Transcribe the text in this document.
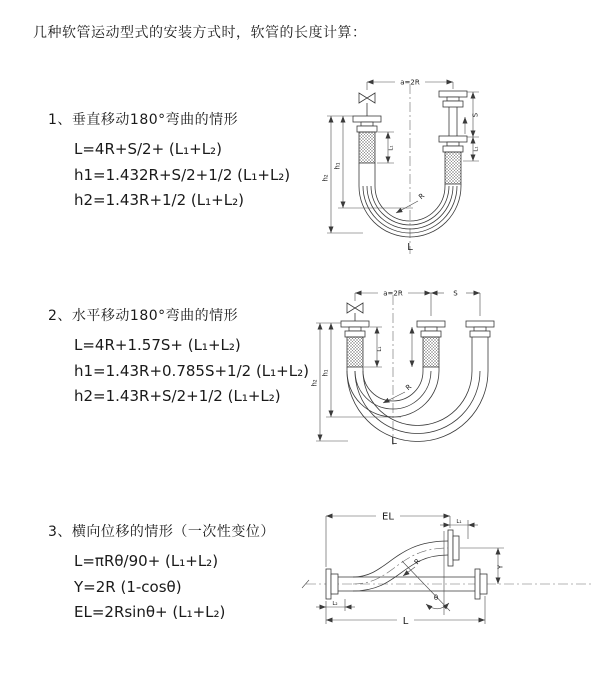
几种软管运动型式的安装方式时，软管的长度计算：
1、垂直移动180°弯曲的情形
L=4R+S/2+ (L₁+L₂)
h1=1.432R+S/2+1/2 (L₁+L₂)
h2=1.43R+1/2 (L₁+L₂)
2、水平移动180°弯曲的情形
L=4R+1.57S+ (L₁+L₂)
h1=1.43R+0.785S+1/2 (L₁+L₂)
h2=1.43R+S/2+1/2 (L₁+L₂)
3、横向位移的情形（一次性变位）
L=πRθ/90+ (L₁+L₂)
Y=2R (1-cosθ)
EL=2Rsinθ+ (L₁+L₂)
a=2R
h₂
h₁
S
L₁
L₁
R
L
a=2R	S
h₂
h₁
L₁
R
L
EL	L₁
Y
R
θ
L
L₂
